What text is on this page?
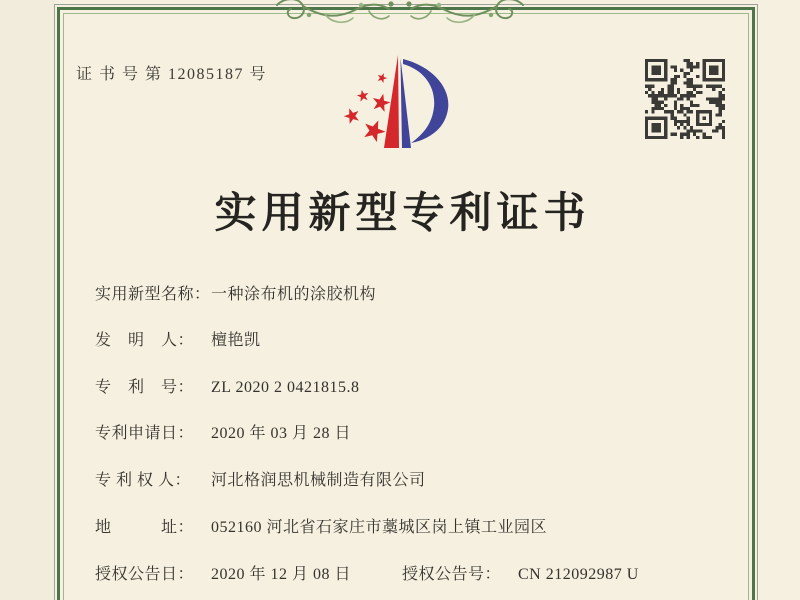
证 书 号 第 12085187 号
实用新型专利证书
实用新型名称：一种涂布机的涂胶机构
发　明　人： 檀艳凯
专　利　号： ZL 2020 2 0421815.8
专利申请日： 2020 年 03 月 28 日
专 利 权 人： 河北格润思机械制造有限公司
地　　　址： 052160 河北省石家庄市藁城区岗上镇工业园区
授权公告日： 2020 年 12 月 08 日	授权公告号： CN 212092987 U
